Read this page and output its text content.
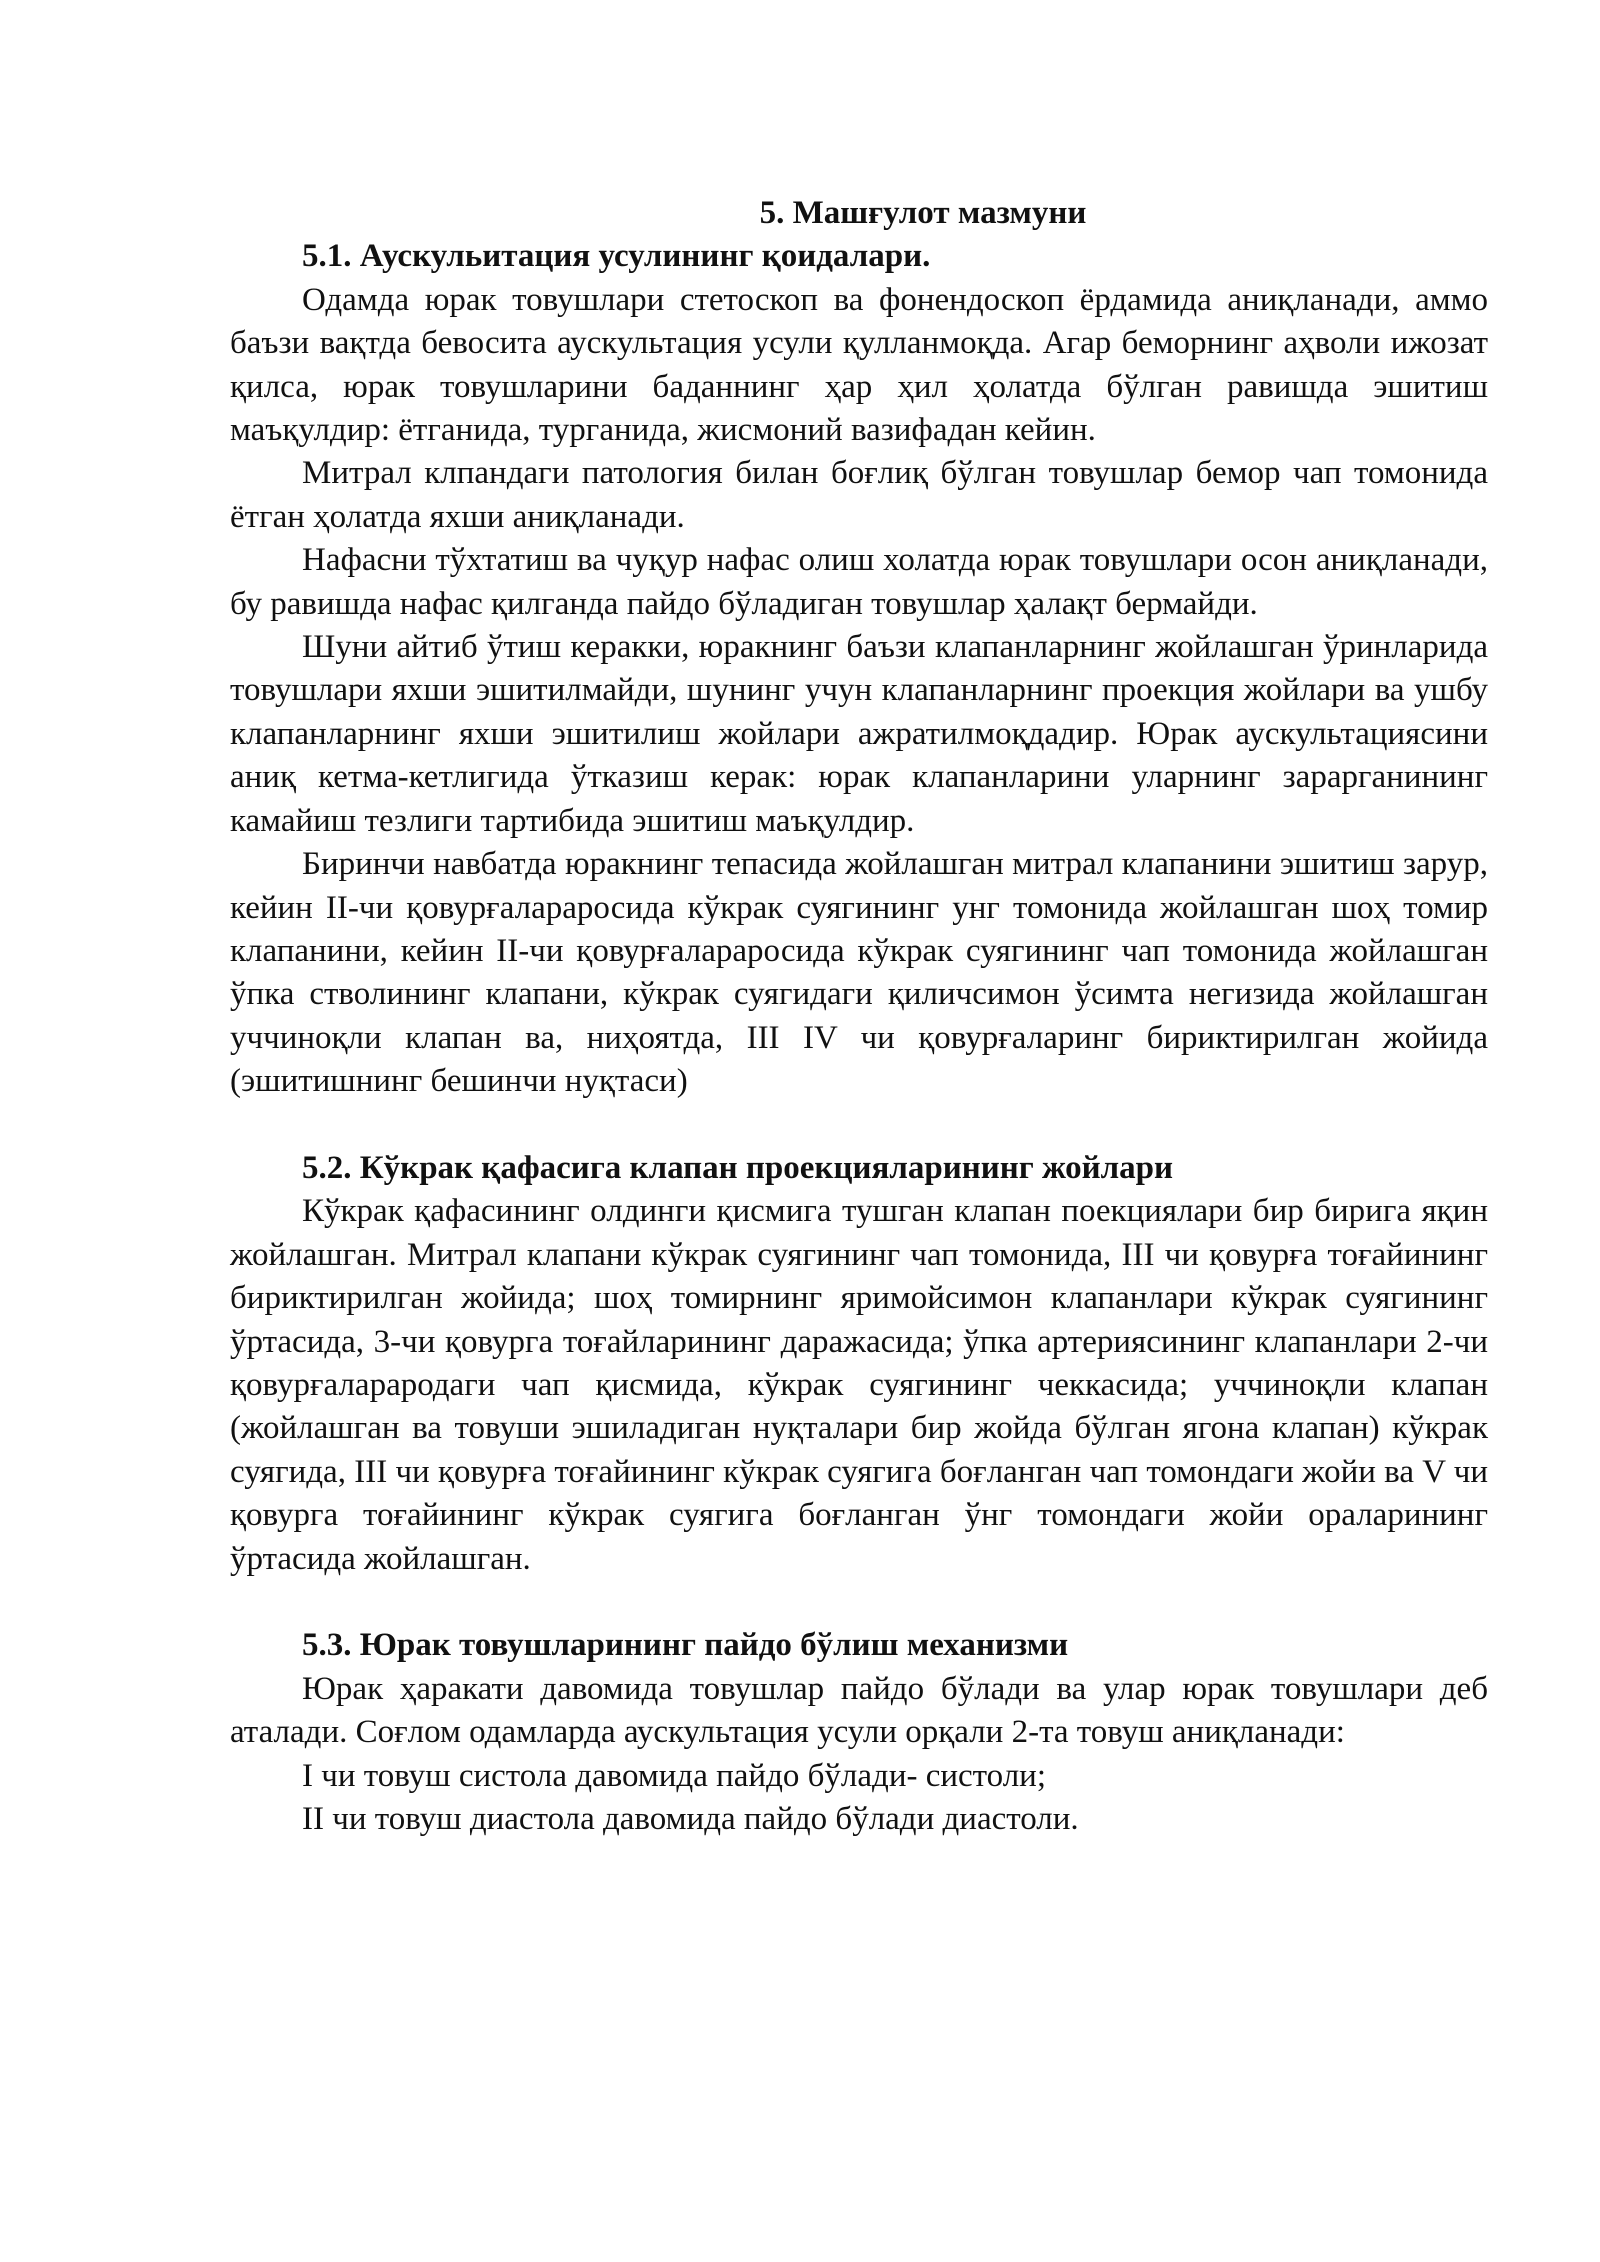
5. Машғулот мазмуни

5.1. Аускульитация усулининг қоидалари.

Одамда юрак товушлари стетоскоп ва фонендоскоп ёрдамида аниқланади, аммо баъзи вақтда бевосита аускультация усули қулланмоқда. Агар беморнинг аҳволи ижозат қилса, юрак товушларини баданнинг ҳар ҳил ҳолатда бўлган равишда эшитиш маъқулдир: ётганида, турганида, жисмоний вазифадан кейин.

Митрал клпандаги патология билан боғлиқ бўлган товушлар бемор чап томонида ётган ҳолатда яхши аниқланади.

Нафасни тўхтатиш ва чуқур нафас олиш холатда юрак товушлари осон аниқланади, бу равишда нафас қилганда пайдо бўладиган товушлар ҳалақт бермайди.

Шуни айтиб ўтиш керакки, юракнинг баъзи клапанларнинг жойлашган ўринларида товушлари яхши эшитилмайди, шунинг учун клапанларнинг проекция жойлари ва ушбу клапанларнинг яхши эшитилиш жойлари ажратилмоқдадир. Юрак аускультациясини аниқ кетма-кетлигида ўтказиш керак: юрак клапанларини уларнинг зарарганининг камайиш тезлиги тартибида эшитиш маъқулдир.

Биринчи навбатда юракнинг тепасида жойлашган митрал клапанини эшитиш зарур, кейин II-чи қовурғалараросида кўкрак суягининг унг томонида жойлашган шоҳ томир клапанини, кейин II-чи қовурғалараросида кўкрак суягининг чап томонида жойлашган ўпка стволининг клапани, кўкрак суягидаги қиличсимон ўсимта негизида жойлашган уччиноқли клапан ва, ниҳоятда, III IV чи қовурғаларинг бириктирилган жойида (эшитишнинг бешинчи нуқтаси)

5.2. Кўкрак қафасига клапан проекцияларининг жойлари

Кўкрак қафасининг олдинги қисмига тушган клапан поекциялари бир бирига яқин жойлашган. Митрал клапани кўкрак суягининг чап томонида, III чи қовурға тоғайининг бириктирилган жойида; шоҳ томирнинг яримойсимон клапанлари кўкрак суягининг ўртасида, 3-чи қовурга тоғайларининг даражасида; ўпка артериясининг клапанлари 2-чи қовурғаларародаги чап қисмида, кўкрак суягининг чеккасида; уччиноқли клапан (жойлашган ва товуши эшиладиган нуқталари бир жойда бўлган ягона клапан) кўкрак суягида, III чи қовурға тоғайининг кўкрак суягига боғланган чап томондаги жойи ва V чи қовурга тоғайининг кўкрак суягига боғланган ўнг томондаги жойи ораларининг ўртасида жойлашган.

5.3. Юрак товушларининг пайдо бўлиш механизми

Юрак ҳаракати давомида товушлар пайдо бўлади ва улар юрак товушлари деб аталади. Соғлом одамларда аускультация усули орқали 2-та товуш аниқланади:

I чи товуш систола давомида пайдо бўлади- систоли;

II чи товуш диастола давомида пайдо бўлади диастоли.
